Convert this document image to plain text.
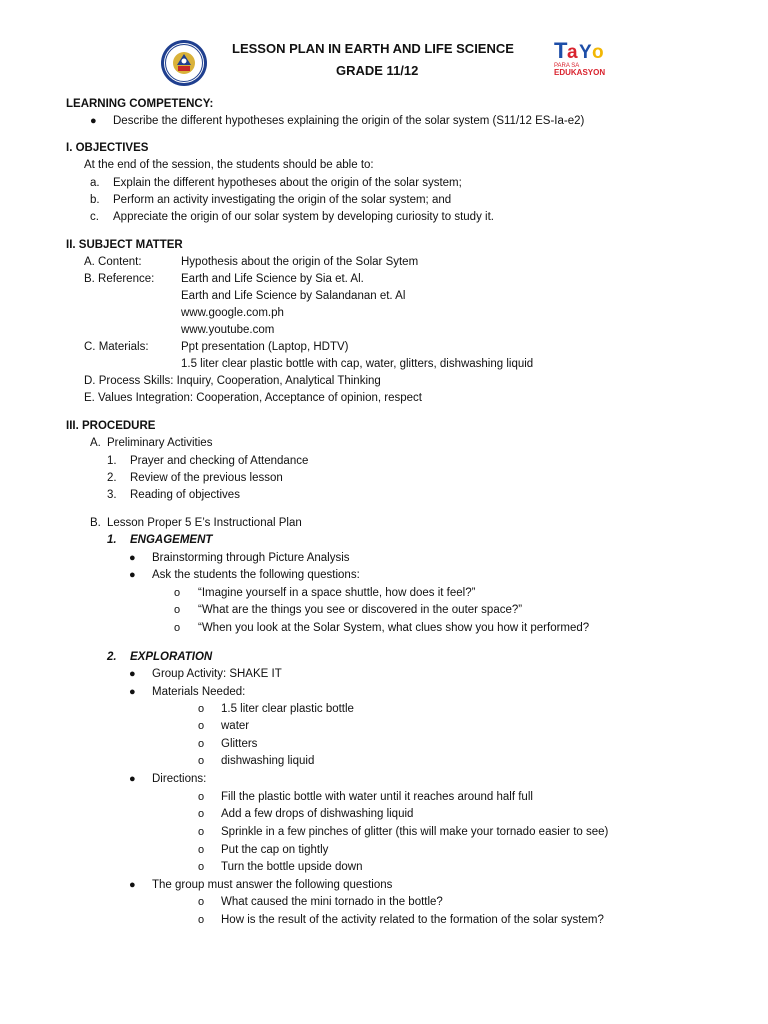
LESSON PLAN IN EARTH AND LIFE SCIENCE
GRADE 11/12
T a Y o
PARA SA
EDUKASYON
LEARNING COMPETENCY:
● Describe the different hypotheses explaining the origin of the solar system (S11/12 ES-Ia-e2)
I. OBJECTIVES
At the end of the session, the students should be able to:
a. Explain the different hypotheses about the origin of the solar system;
b. Perform an activity investigating the origin of the solar system; and
c. Appreciate the origin of our solar system by developing curiosity to study it.
II. SUBJECT MATTER
A. Content:	Hypothesis about the origin of the Solar Sytem
B. Reference: Earth and Life Science by Sia et. Al.
Earth and Life Science by Salandanan et. Al
www.google.com.ph
www.youtube.com
C. Materials:	Ppt presentation (Laptop, HDTV)
1.5 liter clear plastic bottle with cap, water, glitters, dishwashing liquid
D. Process Skills: Inquiry, Cooperation, Analytical Thinking
E. Values Integration: Cooperation, Acceptance of opinion, respect
III. PROCEDURE
A. Preliminary Activities
1. Prayer and checking of Attendance
2. Review of the previous lesson
3. Reading of objectives
B. Lesson Proper 5 E’s Instructional Plan
1. ENGAGEMENT
● Brainstorming through Picture Analysis
● Ask the students the following questions:
o “Imagine yourself in a space shuttle, how does it feel?”
o “What are the things you see or discovered in the outer space?”
o “When you look at the Solar System, what clues show you how it performed?
2. EXPLORATION
● Group Activity: SHAKE IT
● Materials Needed:
o 1.5 liter clear plastic bottle
o water
o Glitters
o dishwashing liquid
● Directions:
o Fill the plastic bottle with water until it reaches around half full
o Add a few drops of dishwashing liquid
o Sprinkle in a few pinches of glitter (this will make your tornado easier to see)
o Put the cap on tightly
o Turn the bottle upside down
● The group must answer the following questions
o What caused the mini tornado in the bottle?
o How is the result of the activity related to the formation of the solar system?
